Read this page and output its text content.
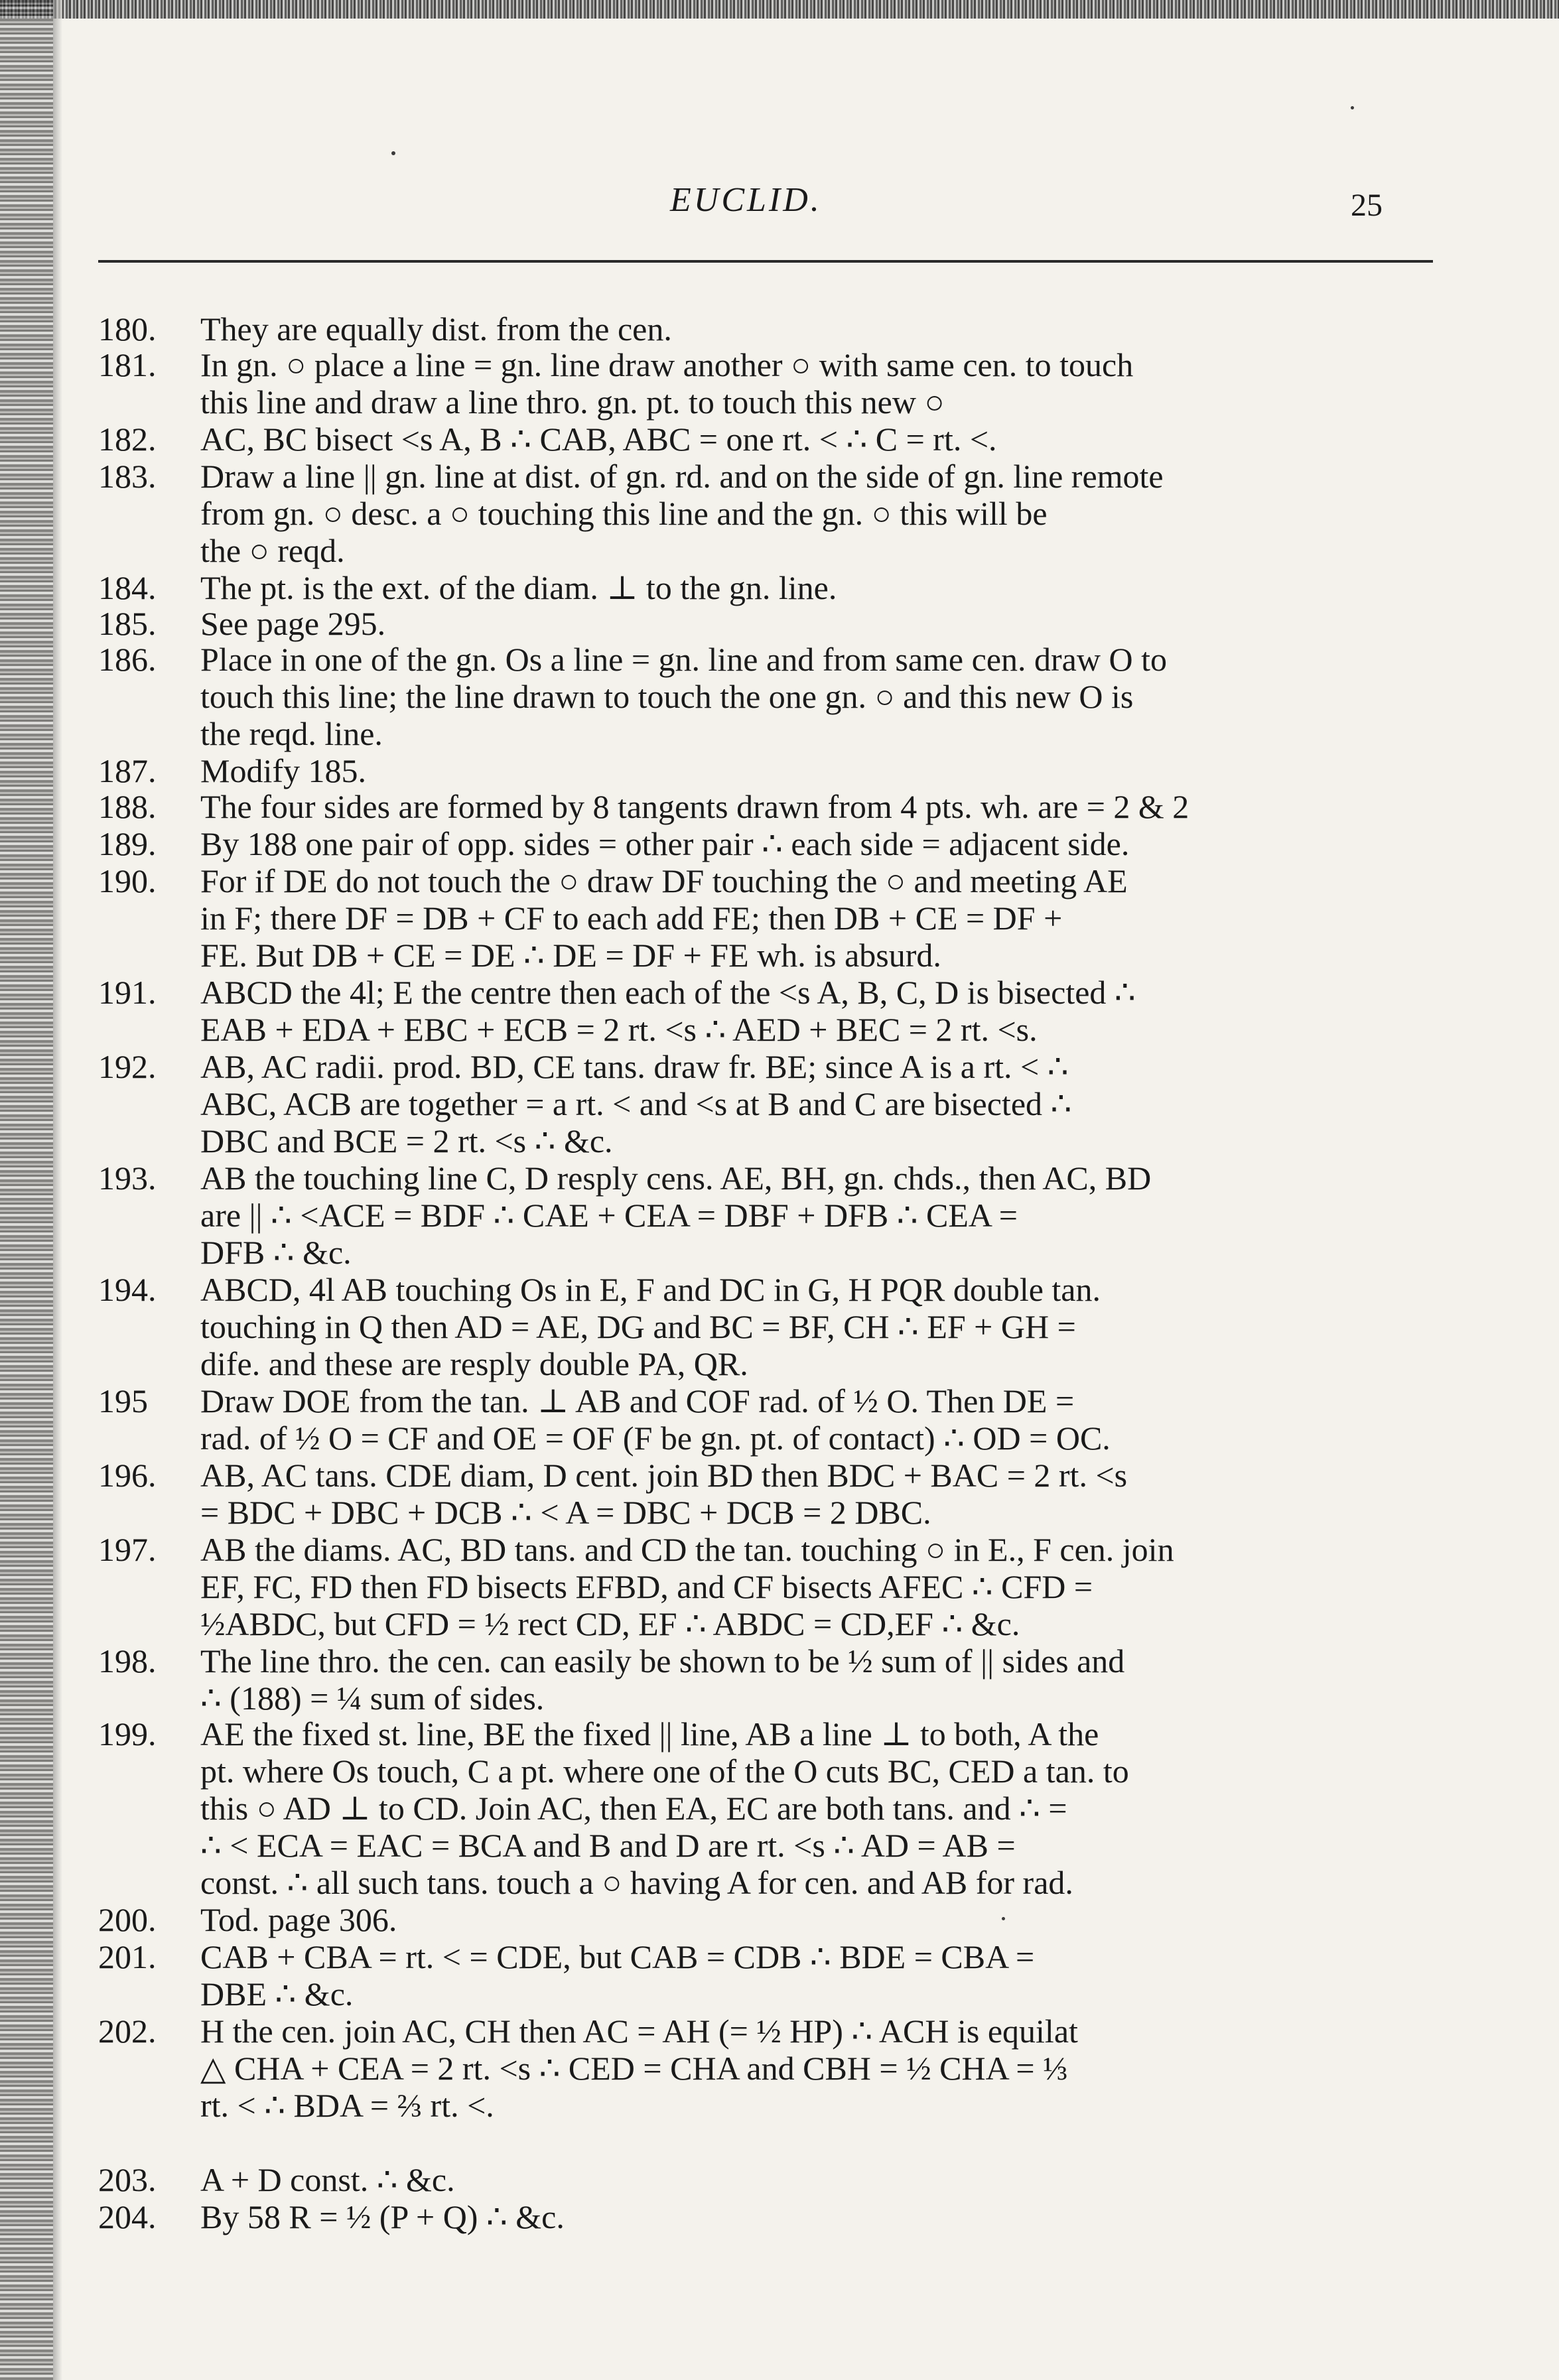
EUCLID.	25
180.	They are equally dist. from the cen.
181.	In gn. ○ place a line = gn. line draw another ○ with same cen. to touch
this line and draw a line thro. gn. pt. to touch this new ○
182.	AC, BC bisect <s A, B ∴ CAB, ABC = one rt. < ∴ C = rt. <.
183.	Draw a line || gn. line at dist. of gn. rd. and on the side of gn. line remote
from gn. ○ desc. a ○ touching this line and the gn. ○ this will be
the ○ reqd.
184.	The pt. is the ext. of the diam. ⊥ to the gn. line.
185.	See page 295.
186.	Place in one of the gn. Os a line = gn. line and from same cen. draw O to
touch this line; the line drawn to touch the one gn. ○ and this new O is
the reqd. line.
187.	Modify 185.
188.	The four sides are formed by 8 tangents drawn from 4 pts. wh. are = 2 & 2
189.	By 188 one pair of opp. sides = other pair ∴ each side = adjacent side.
190.	For if DE do not touch the ○ draw DF touching the ○ and meeting AE
in F; there DF = DB + CF to each add FE; then DB + CE = DF +
FE. But DB + CE = DE ∴ DE = DF + FE wh. is absurd.
191.	ABCD the 4l; E the centre then each of the <s A, B, C, D is bisected ∴
EAB + EDA + EBC + ECB = 2 rt. <s ∴ AED + BEC = 2 rt. <s.
192.	AB, AC radii. prod. BD, CE tans. draw fr. BE; since A is a rt. < ∴
ABC, ACB are together = a rt. < and <s at B and C are bisected ∴
DBC and BCE = 2 rt. <s ∴ &c.
193.	AB the touching line C, D resply cens. AE, BH, gn. chds., then AC, BD
are || ∴ <ACE = BDF ∴ CAE + CEA = DBF + DFB ∴ CEA =
DFB ∴ &c.
194.	ABCD, 4l AB touching Os in E, F and DC in G, H PQR double tan.
touching in Q then AD = AE, DG and BC = BF, CH ∴ EF + GH =
dife. and these are resply double PA, QR.
195	Draw DOE from the tan. ⊥ AB and COF rad. of ½ O. Then DE =
rad. of ½ O = CF and OE = OF (F be gn. pt. of contact) ∴ OD = OC.
196.	AB, AC tans. CDE diam, D cent. join BD then BDC + BAC = 2 rt. <s
= BDC + DBC + DCB ∴ < A = DBC + DCB = 2 DBC.
197.	AB the diams. AC, BD tans. and CD the tan. touching ○ in E., F cen. join
EF, FC, FD then FD bisects EFBD, and CF bisects AFEC ∴ CFD =
½ABDC, but CFD = ½ rect CD, EF ∴ ABDC = CD,EF ∴ &c.
198.	The line thro. the cen. can easily be shown to be ½ sum of || sides and
∴ (188) = ¼ sum of sides.
199.	AE the fixed st. line, BE the fixed || line, AB a line ⊥ to both, A the
pt. where Os touch, C a pt. where one of the O cuts BC, CED a tan. to
this ○ AD ⊥ to CD. Join AC, then EA, EC are both tans. and ∴ =
∴ < ECA = EAC = BCA and B and D are rt. <s ∴ AD = AB =
const. ∴ all such tans. touch a ○ having A for cen. and AB for rad.
200.	Tod. page 306.
201.	CAB + CBA = rt. < = CDE, but CAB = CDB ∴ BDE = CBA =
DBE ∴ &c.
202.	H the cen. join AC, CH then AC = AH (= ½ HP) ∴ ACH is equilat
△ CHA + CEA = 2 rt. <s ∴ CED = CHA and CBH = ½ CHA = ⅓
rt. < ∴ BDA = ⅔ rt. <.
203.	A + D const. ∴ &c.
204.	By 58 R = ½ (P + Q) ∴ &c.
